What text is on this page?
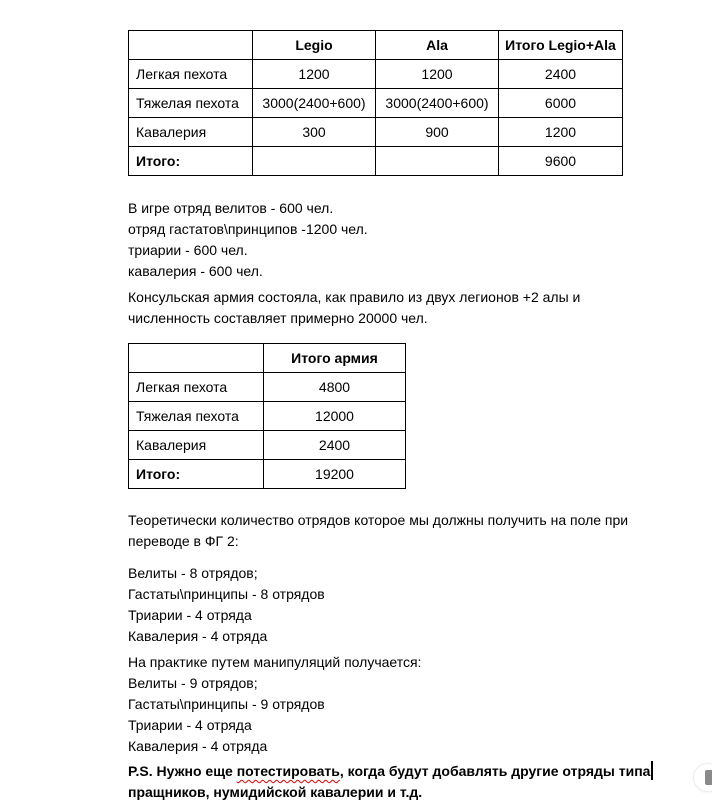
	Legio	Ala	Итого Legio+Ala
Легкая пехота	1200	1200	2400
Тяжелая пехота	3000(2400+600)	3000(2400+600)	6000
Кавалерия	300	900	1200
Итого:			9600
В игре отряд велитов - 600 чел.
отряд гастатов\принципов -1200 чел.
триарии - 600 чел.
кавалерия - 600 чел.
Консульская армия состояла, как правило из двух легионов +2 алы и
численность составляет примерно 20000 чел.
	Итого армия
Легкая пехота	4800
Тяжелая пехота	12000
Кавалерия	2400
Итого:	19200
Теоретически количество отрядов которое мы должны получить на поле при
переводе в ФГ 2:
Велиты - 8 отрядов;
Гастаты\принципы - 8 отрядов
Триарии - 4 отряда
Кавалерия - 4 отряда
На практике путем манипуляций получается:
Велиты - 9 отрядов;
Гастаты\принципы - 9 отрядов
Триарии - 4 отряда
Кавалерия - 4 отряда
P.S. Нужно еще потестировать, когда будут добавлять другие отряды типа
пращников, нумидийской кавалерии и т.д.
